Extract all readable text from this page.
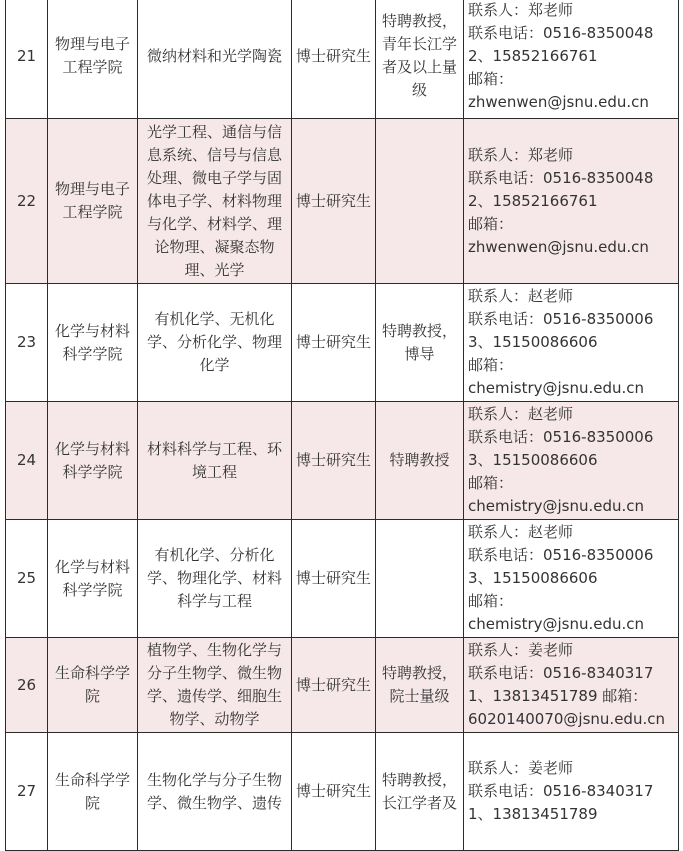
21	物理与电子工程学院	微纳材料和光学陶瓷	博士研究生	特聘教授，青年长江学者及以上量级	联系人：郑老师
联系电话：0516-83500482、15852166761
邮箱：
zhwenwen@jsnu.edu.cn

22	物理与电子工程学院	光学工程、通信与信息系统、信号与信息处理、微电子学与固体电子学、材料物理与化学、材料学、理论物理、凝聚态物理、光学	博士研究生		联系人：郑老师
联系电话：0516-83500482、15852166761
邮箱：
zhwenwen@jsnu.edu.cn

23	化学与材料科学学院	有机化学、无机化学、分析化学、物理化学	博士研究生	特聘教授，博导	联系人：赵老师
联系电话：0516-83500063、15150086606
邮箱：
chemistry@jsnu.edu.cn

24	化学与材料科学学院	材料科学与工程、环境工程	博士研究生	特聘教授	联系人：赵老师
联系电话：0516-83500063、15150086606
邮箱：
chemistry@jsnu.edu.cn

25	化学与材料科学学院	有机化学、分析化学、物理化学、材料科学与工程	博士研究生		联系人：赵老师
联系电话：0516-83500063、15150086606
邮箱：
chemistry@jsnu.edu.cn

26	生命科学学院	植物学、生物化学与分子生物学、微生物学、遗传学、细胞生物学、动物学	博士研究生	特聘教授，院士量级	联系人：姜老师
联系电话：0516-83403171、13813451789 邮箱：
6020140070@jsnu.edu.cn

27	生命科学学院	生物化学与分子生物学、微生物学、遗传	博士研究生	特聘教授，长江学者及	联系人：姜老师
联系电话：0516-83403171、13813451789
